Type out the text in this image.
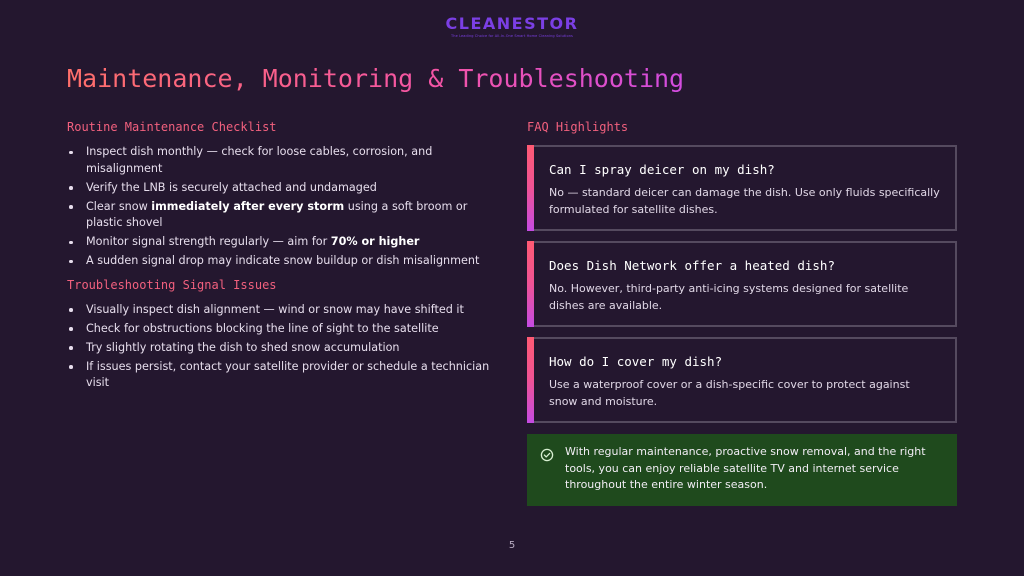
CLEANESTOR
The Leading Choice for All-In-One Smart Home Cleaning Solutions
Maintenance, Monitoring & Troubleshooting
Routine Maintenance Checklist
Inspect dish monthly — check for loose cables, corrosion, and misalignment
Verify the LNB is securely attached and undamaged
Clear snow immediately after every storm using a soft broom or plastic shovel
Monitor signal strength regularly — aim for 70% or higher
A sudden signal drop may indicate snow buildup or dish misalignment
Troubleshooting Signal Issues
Visually inspect dish alignment — wind or snow may have shifted it
Check for obstructions blocking the line of sight to the satellite
Try slightly rotating the dish to shed snow accumulation
If issues persist, contact your satellite provider or schedule a technician visit
FAQ Highlights
Can I spray deicer on my dish?
No — standard deicer can damage the dish. Use only fluids specifically formulated for satellite dishes.
Does Dish Network offer a heated dish?
No. However, third-party anti-icing systems designed for satellite dishes are available.
How do I cover my dish?
Use a waterproof cover or a dish-specific cover to protect against snow and moisture.
With regular maintenance, proactive snow removal, and the right tools, you can enjoy reliable satellite TV and internet service throughout the entire winter season.
5
